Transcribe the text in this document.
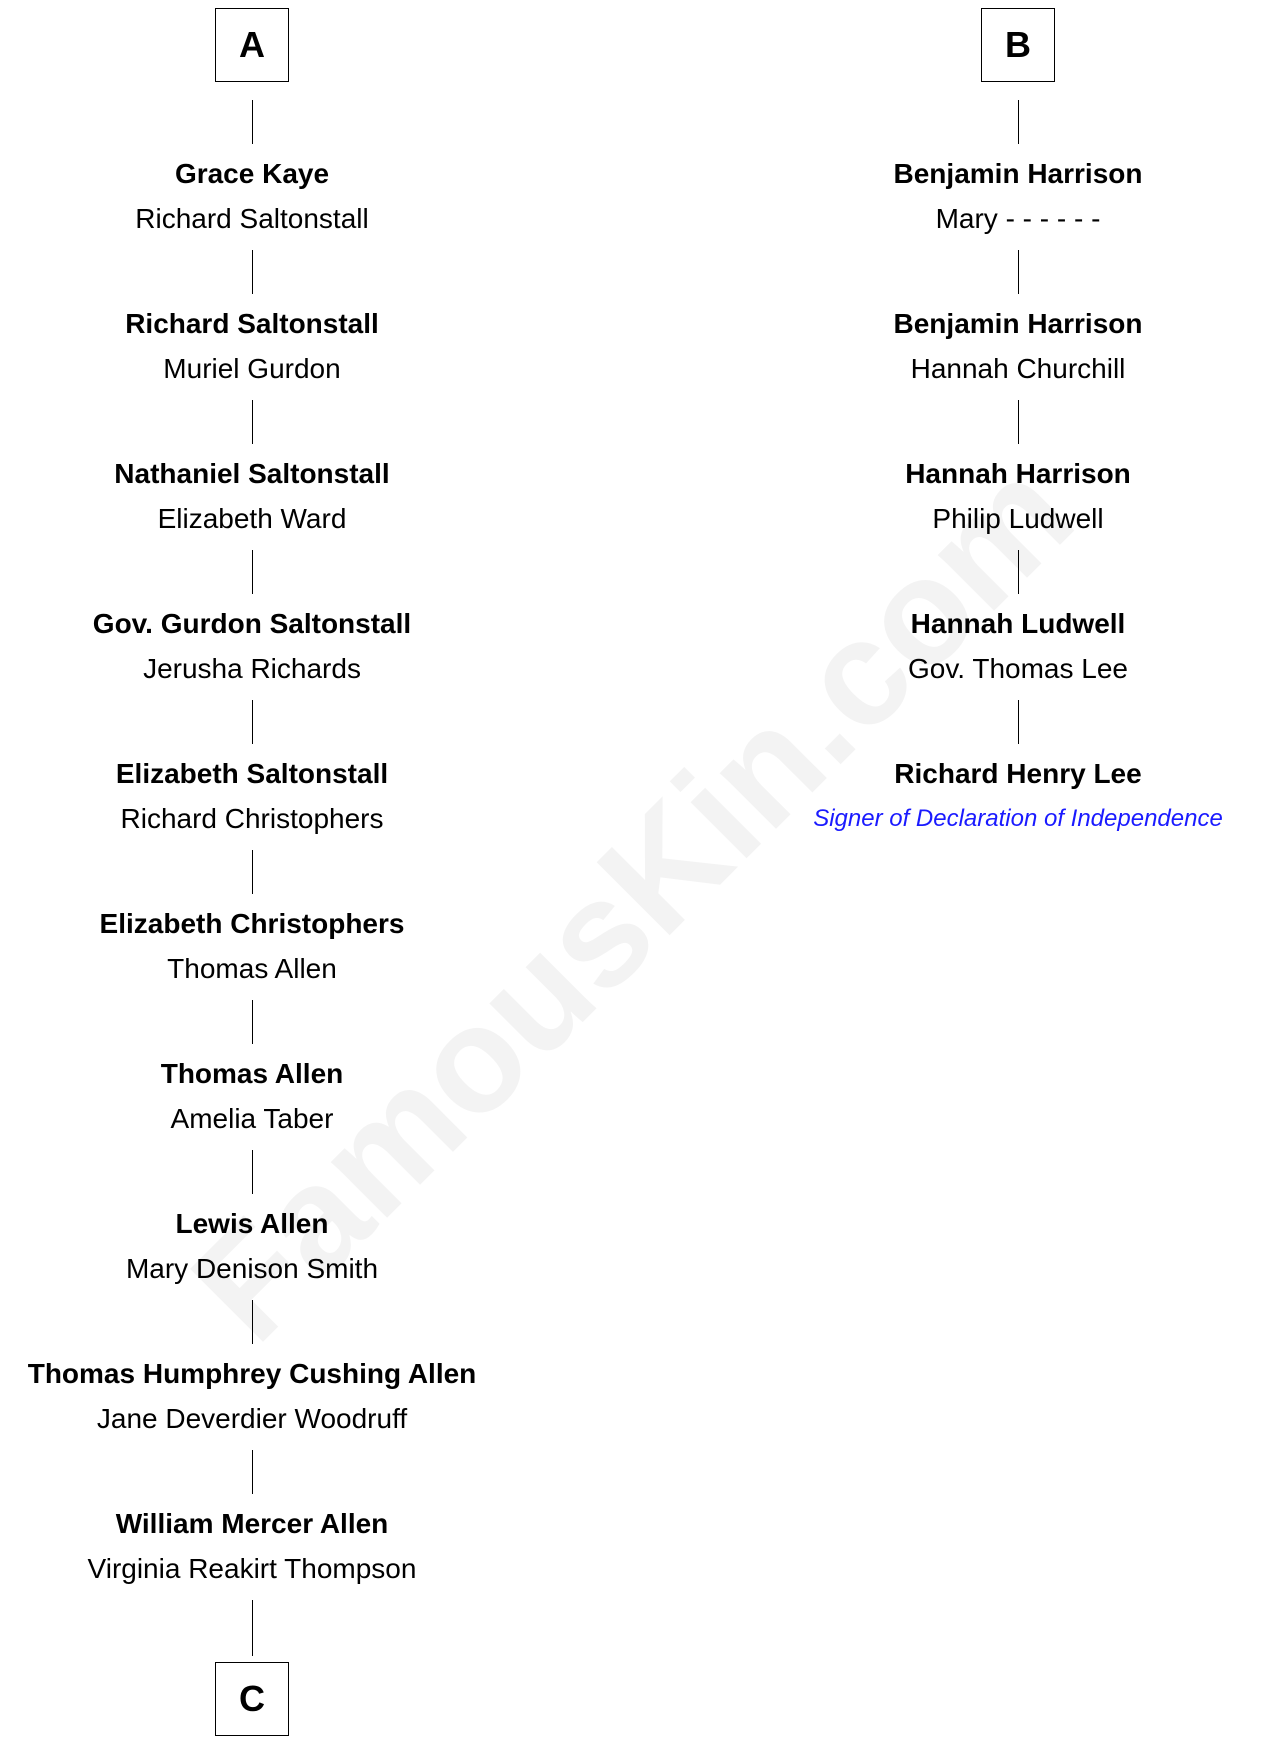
A
Grace Kaye
Richard Saltonstall
Richard Saltonstall
Muriel Gurdon
Nathaniel Saltonstall
Elizabeth Ward
Gov. Gurdon Saltonstall
Jerusha Richards
Elizabeth Saltonstall
Richard Christophers
Elizabeth Christophers
Thomas Allen
Thomas Allen
Amelia Taber
Lewis Allen
Mary Denison Smith
Thomas Humphrey Cushing Allen
Jane Deverdier Woodruff
William Mercer Allen
Virginia Reakirt Thompson
C
B
Benjamin Harrison
Mary - - - - - -
Benjamin Harrison
Hannah Churchill
Hannah Harrison
Philip Ludwell
Hannah Ludwell
Gov. Thomas Lee
Richard Henry Lee
Signer of Declaration of Independence
